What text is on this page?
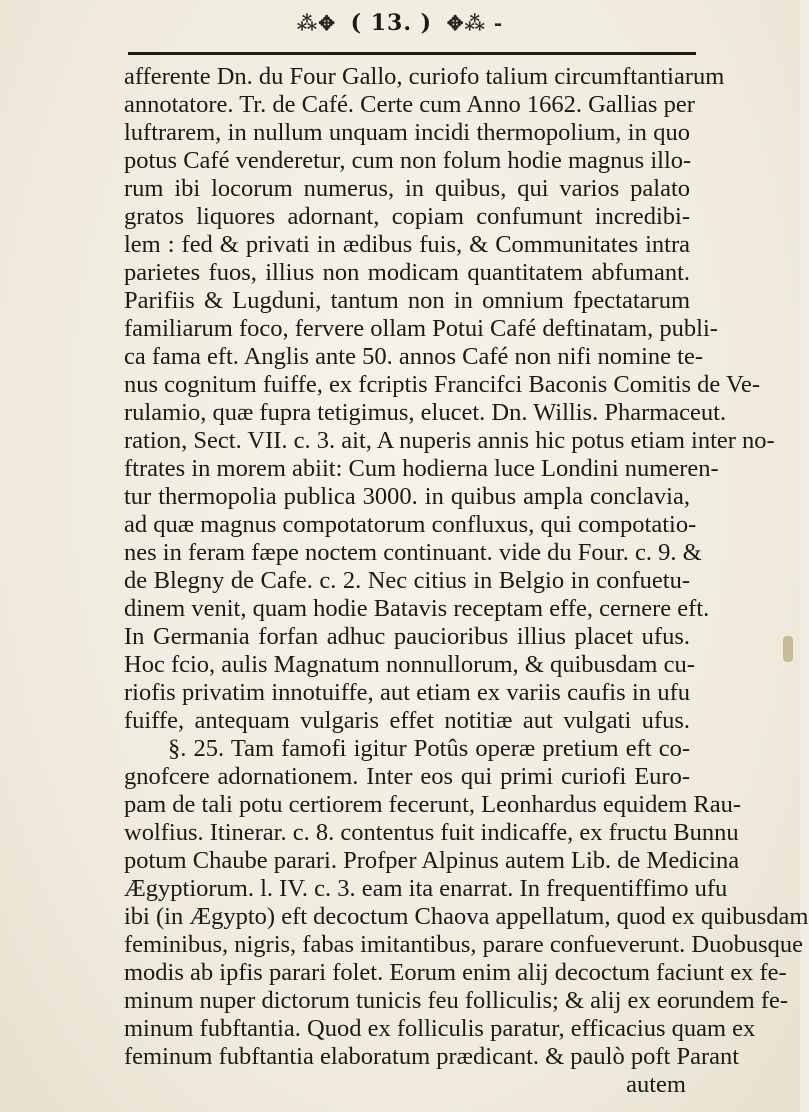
⁂✥ ( 13. ) ✥⁂ -
afferente Dn. du Four Gallo, curiofo talium circumftantiarum
annotatore. Tr. de Café. Certe cum Anno 1662. Gallias per
luftrarem, in nullum unquam incidi thermopolium, in quo
potus Café venderetur, cum non folum hodie magnus illo-
rum ibi locorum numerus, in quibus, qui varios palato
gratos liquores adornant, copiam confumunt incredibi-
lem : fed & privati in ædibus fuis, & Communitates intra
parietes fuos, illius non modicam quantitatem abfumant.
Parifiis & Lugduni, tantum non in omnium fpectatarum
familiarum foco, fervere ollam Potui Café deftinatam, publi-
ca fama eft. Anglis ante 50. annos Café non nifi nomine te-
nus cognitum fuiffe, ex fcriptis Francifci Baconis Comitis de Ve-
rulamio, quæ fupra tetigimus, elucet. Dn. Willis. Pharmaceut.
ration, Sect. VII. c. 3. ait, A nuperis annis hic potus etiam inter no-
ftrates in morem abiit: Cum hodierna luce Londini numeren-
tur thermopolia publica 3000. in quibus ampla conclavia,
ad quæ magnus compotatorum confluxus, qui compotatio-
nes in feram fæpe noctem continuant. vide du Four. c. 9. &
de Blegny de Cafe. c. 2. Nec citius in Belgio in confuetu-
dinem venit, quam hodie Batavis receptam effe, cernere eft.
In Germania forfan adhuc paucioribus illius placet ufus.
Hoc fcio, aulis Magnatum nonnullorum, & quibusdam cu-
riofis privatim innotuiffe, aut etiam ex variis caufis in ufu
fuiffe, antequam vulgaris effet notitiæ aut vulgati ufus.
§. 25. Tam famofi igitur Potûs operæ pretium eft co-
gnofcere adornationem. Inter eos qui primi curiofi Euro-
pam de tali potu certiorem fecerunt, Leonhardus equidem Rau-
wolfius. Itinerar. c. 8. contentus fuit indicaffe, ex fructu Bunnu
potum Chaube parari. Profper Alpinus autem Lib. de Medicina
Ægyptiorum. l. IV. c. 3. eam ita enarrat. In frequentiffimo ufu
ibi (in Ægypto) eft decoctum Chaova appellatum, quod ex quibusdam
feminibus, nigris, fabas imitantibus, parare confueverunt. Duobusque
modis ab ipfis parari folet. Eorum enim alij decoctum faciunt ex fe-
minum nuper dictorum tunicis feu folliculis; & alij ex eorundem fe-
minum fubftantia. Quod ex folliculis paratur, efficacius quam ex
feminum fubftantia elaboratum prædicant. & paulò poft Parant
autem
